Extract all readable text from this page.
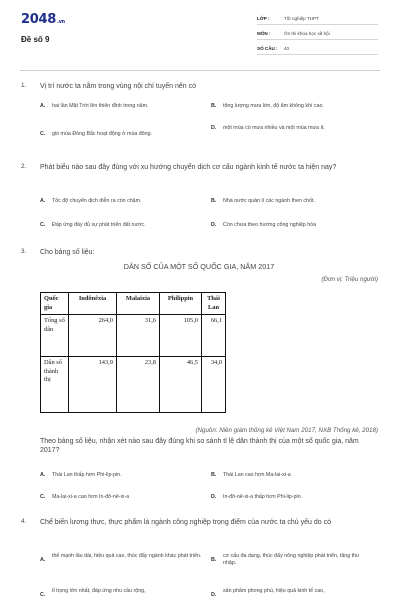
2048.vn
Đề số 9
LỚP :	Tốt nghiệp THPT
MÔN :	Ôn thi khoa học xã hội
SỐ CÂU : 40
1. Vị trí nước ta nằm trong vùng nội chí tuyến nên có
A. hai lần Mặt Trời lên thiên đỉnh trong năm.	B. tổng lượng mưa lớn, độ ẩm không khí cao.
C. gió mùa Đông Bắc hoạt động ở mùa đông.
D. một mùa có mưa nhiều và một mùa mưa ít.
2. Phát biểu nào sau đây đúng với xu hướng chuyển dịch cơ cấu ngành kinh tế nước ta hiện nay?
A. Tốc độ chuyển dịch diễn ra còn chậm.	B. Nhà nước quản lí các ngành then chốt.
C. Đáp ứng đầy đủ sự phát triển đất nước.	D. Còn chưa theo hướng công nghiệp hóa
3. Cho bảng số liệu:
DÂN SỐ CỦA MỘT SỐ QUỐC GIA, NĂM 2017
(Đơn vị: Triệu người)
Quốc gia	Inđônêxia	Malaixia	Philippin	Thái Lan
Tổng số dân	264,0	31,6	105,0	66,1
Dân số thành thị	143,9	23,8	46,5	34,0
(Nguồn: Niên giám thống kê Việt Nam 2017, NXB Thống kê, 2018)
Theo bảng số liệu, nhận xét nào sau đây đúng khi so sánh tỉ lệ dân thành thị của một số quốc gia, năm 2017?
A. Thái Lan thấp hơn Phi-lip-pin.	B. Thái Lan cao hơn Ma-lai-xi-a
C. Ma-lai-xi-a cao hơn In-đô-nê-xi-a	D. In-đô-nê-xi-a thấp hơn Phi-lip-pin.
4. Chế biến lương thực, thực phẩm là ngành công nghiệp trọng điểm của nước ta chủ yếu do có
A.
thế mạnh lâu dài, hiệu quả cao, thúc đẩy ngành khác phát triển.
B.
cơ cấu đa dạng, thúc đẩy nông nghiệp phát triển, tăng thu nhập.
C.
tỉ trọng lớn nhất, đáp ứng nhu cầu rộng,
D.
sản phẩm phong phú, hiệu quả kinh tế cao,
